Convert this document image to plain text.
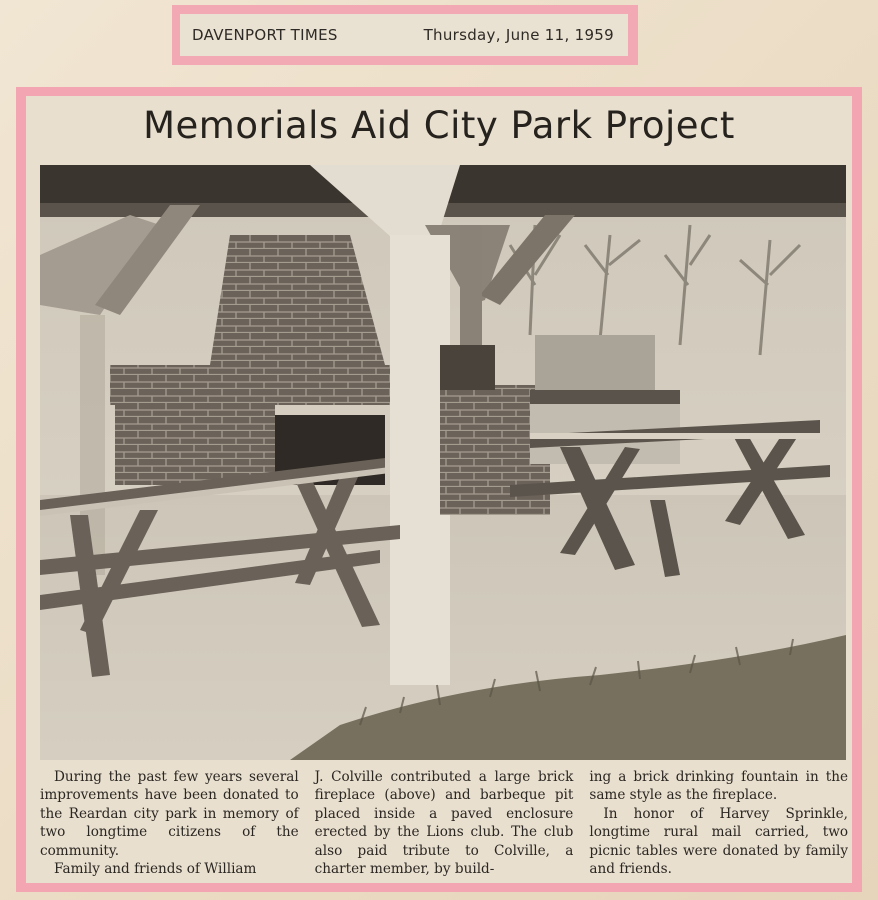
DAVENPORT TIMES	Thursday, June 11, 1959
Memorials Aid City Park Project

During the past few years several improvements have been donated to the Reardan city park in memory of two longtime citizens of the community.

Family and friends of William

J. Colville contributed a large brick fireplace (above) and barbeque pit placed inside a paved enclosure erected by the Lions club. The club also paid tribute to Colville, a charter member, by build-

ing a brick drinking fountain in the same style as the fireplace.

In honor of Harvey Sprinkle, longtime rural mail carried, two picnic tables were donated by family and friends.
